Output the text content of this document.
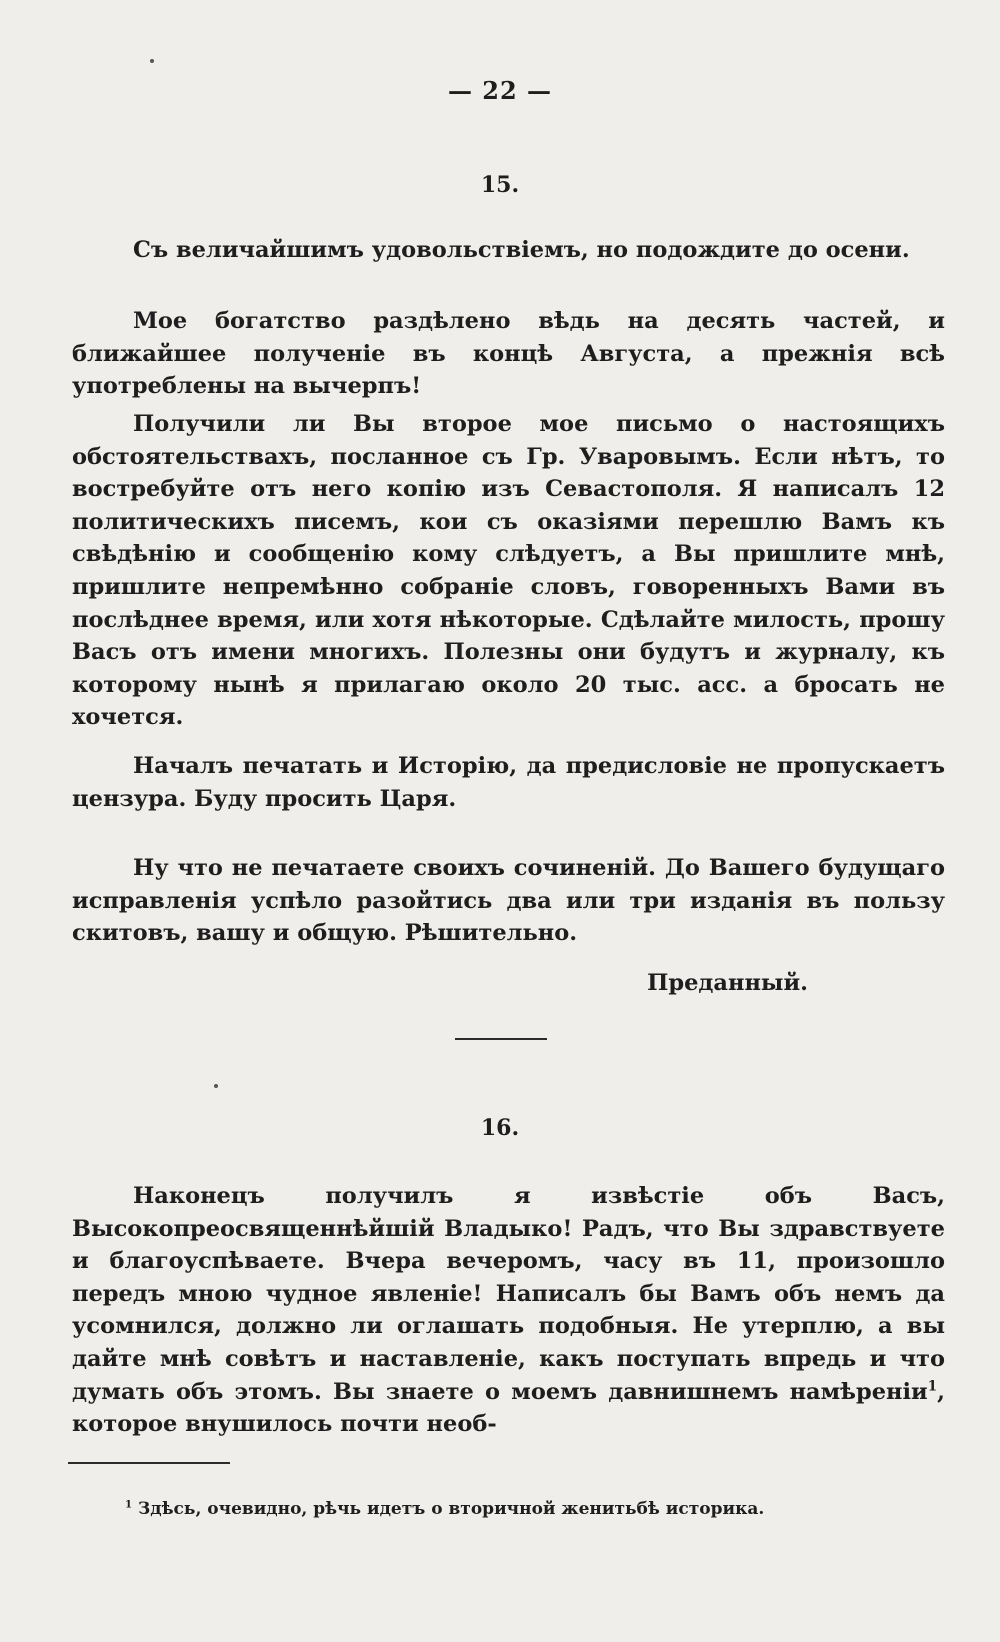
— 22 —
15.
Съ величайшимъ удовольствіемъ, но подождите до осени.
Мое богатство раздѣлено вѣдь на десять частей, и ближайшее полученіе въ концѣ Августа, а прежнія всѣ употреблены на вычерпъ!
Получили ли Вы второе мое письмо о настоящихъ обстоятельствахъ, посланное съ Гр. Уваровымъ. Если нѣтъ, то востребуйте отъ него копію изъ Севастополя. Я написалъ 12 политическихъ писемъ, кои съ оказіями перешлю Вамъ къ свѣдѣнію и сообщенію кому слѣдуетъ, а Вы пришлите мнѣ, пришлите непремѣнно собраніе словъ, говоренныхъ Вами въ послѣднее время, или хотя нѣкоторые. Сдѣлайте милость, прошу Васъ отъ имени многихъ. Полезны они будутъ и журналу, къ которому нынѣ я прилагаю около 20 тыс. асс. а бросать не хочется.
Началъ печатать и Исторію, да предисловіе не пропускаетъ цензура. Буду просить Царя.
Ну что не печатаете своихъ сочиненій. До Вашего будущаго исправленія успѣло разойтись два или три изданія въ пользу скитовъ, вашу и общую. Рѣшительно.
Преданный.
16.
Наконецъ получилъ я извѣстіе объ Васъ, Высокопреосвященнѣйшій Владыко! Радъ, что Вы здравствуете и благоуспѣваете. Вчера вечеромъ, часу въ 11, произошло передъ мною чудное явленіе! Написалъ бы Вамъ объ немъ да усомнился, должно ли оглашать подобныя. Не утерплю, а вы дайте мнѣ совѣтъ и наставленіе, какъ поступать впредь и что думать объ этомъ. Вы знаете о моемъ давнишнемъ намѣреніи$^1$, которое внушилось почти необ-
$^1$ Здѣсь, очевидно, рѣчь идетъ о вторичной женитьбѣ историка.
